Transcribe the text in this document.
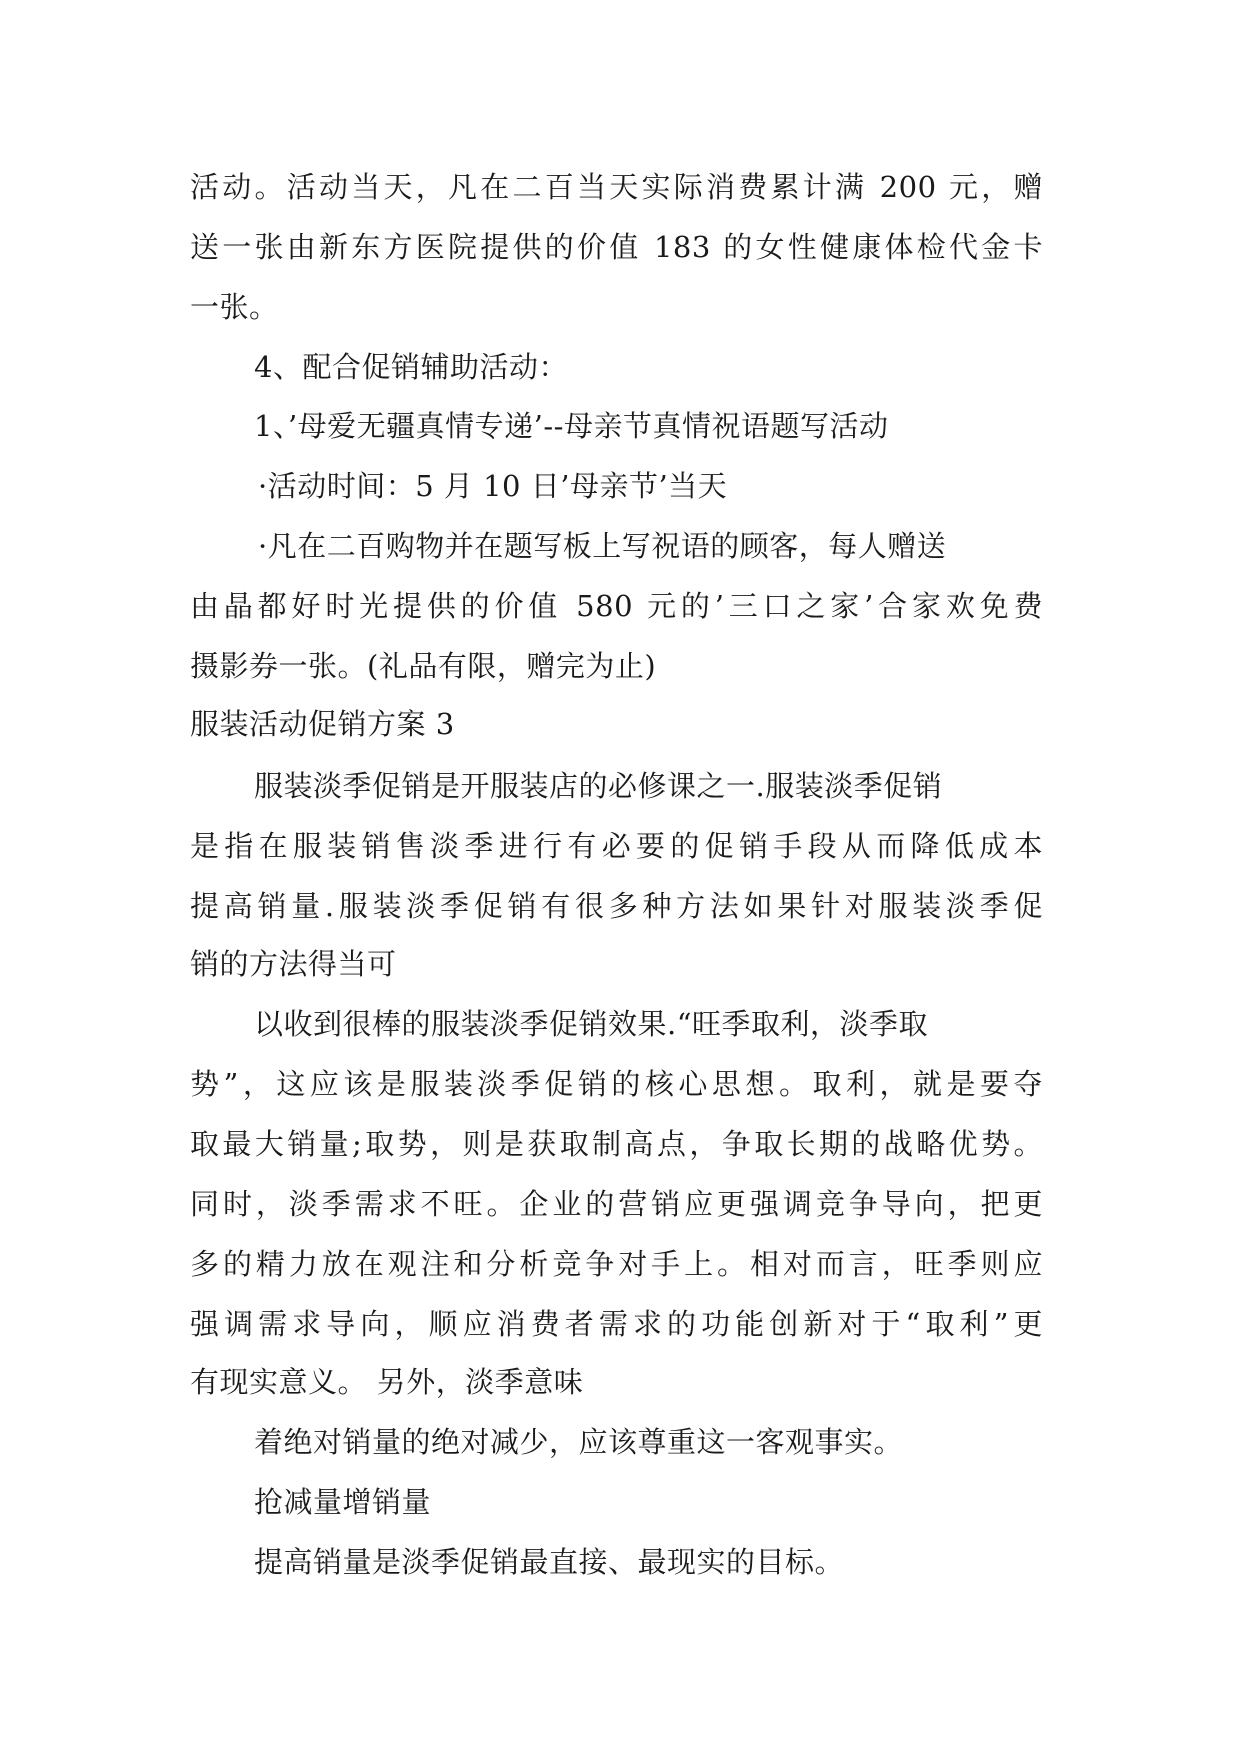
活动。活动当天，凡在二百当天实际消费累计满 200 元，赠
送一张由新东方医院提供的价值 183 的女性健康体检代金卡
一张。
4、配合促销辅助活动：
1、’母爱无疆真情专递’--母亲节真情祝语题写活动
·活动时间：5 月 10 日’母亲节’当天
·凡在二百购物并在题写板上写祝语的顾客，每人赠送
由晶都好时光提供的价值 580 元的’三口之家’合家欢免费
摄影券一张。(礼品有限，赠完为止)
服装活动促销方案 3
服装淡季促销是开服装店的必修课之一.服装淡季促销
是指在服装销售淡季进行有必要的促销手段从而降低成本
提高销量.服装淡季促销有很多种方法如果针对服装淡季促
销的方法得当可
以收到很棒的服装淡季促销效果.“旺季取利，淡季取
势”，这应该是服装淡季促销的核心思想。取利，就是要夺
取最大销量;取势，则是获取制高点，争取长期的战略优势。
同时，淡季需求不旺。企业的营销应更强调竞争导向，把更
多的精力放在观注和分析竞争对手上。相对而言，旺季则应
强调需求导向，顺应消费者需求的功能创新对于“取利”更
有现实意义。 另外，淡季意味
着绝对销量的绝对减少，应该尊重这一客观事实。
抢减量增销量
提高销量是淡季促销最直接、最现实的目标。
